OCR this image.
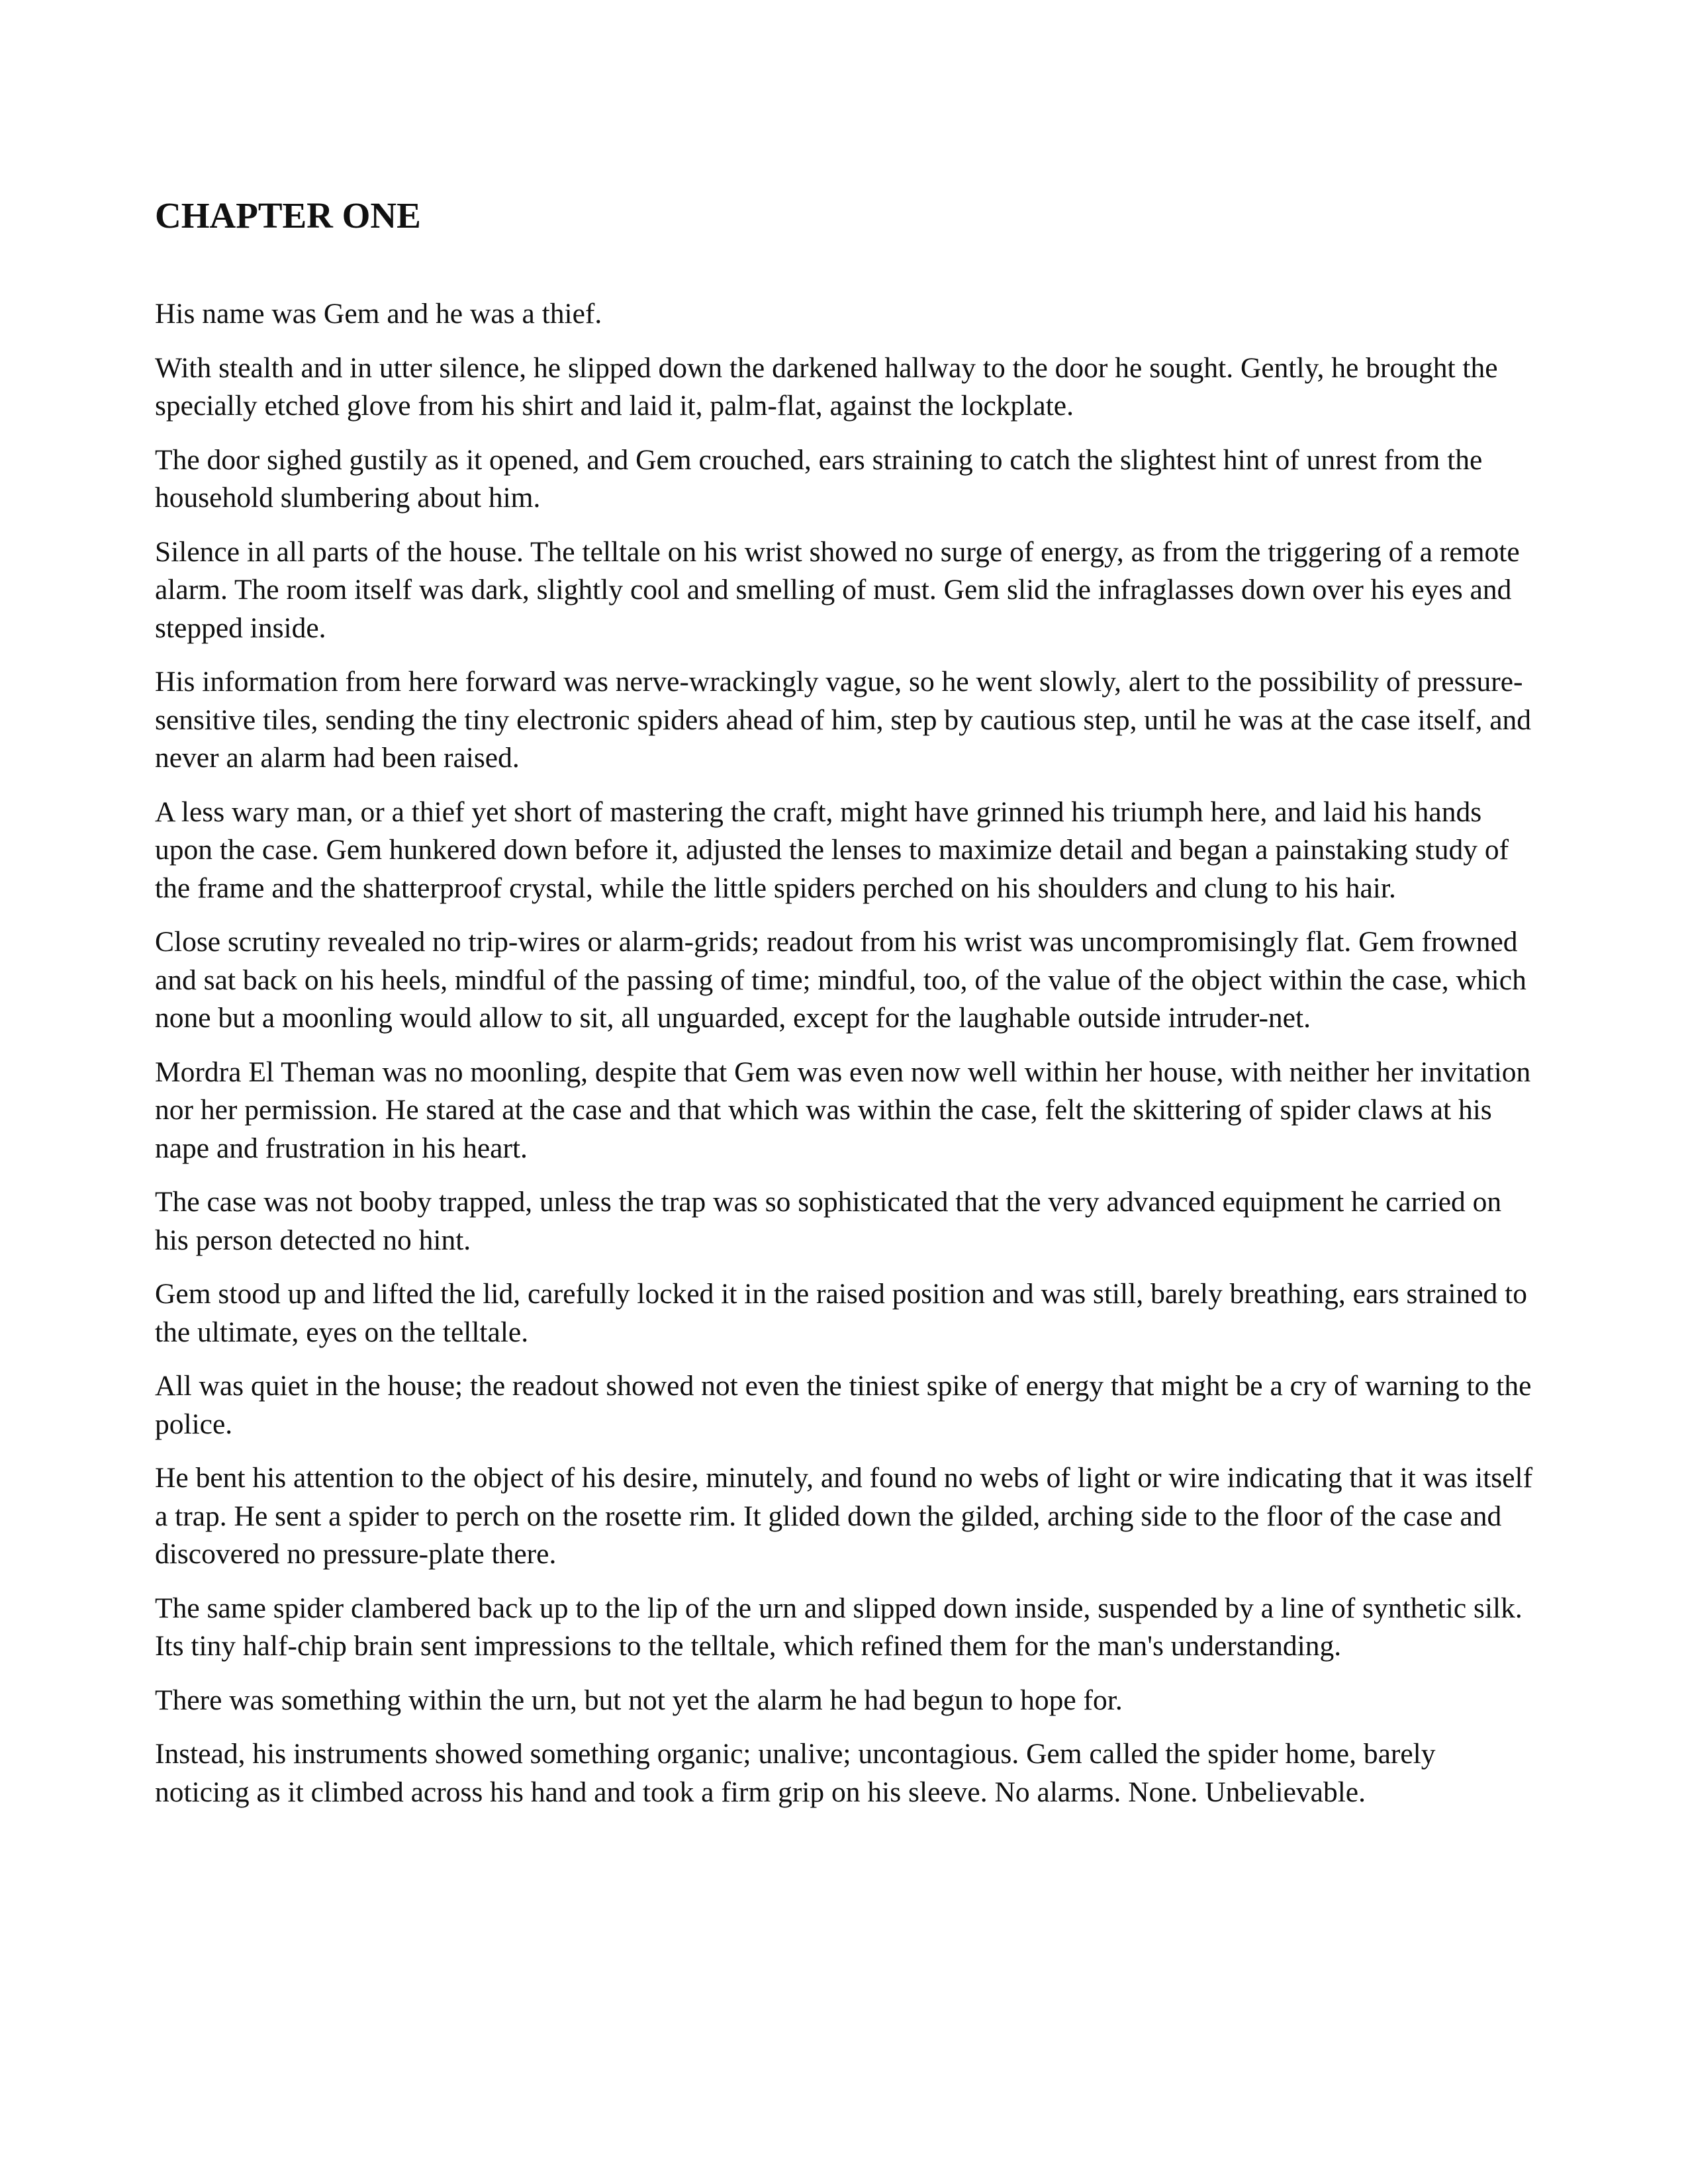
CHAPTER ONE

His name was Gem and he was a thief.

With stealth and in utter silence, he slipped down the darkened hallway to the door he sought. Gently, he brought the specially etched glove from his shirt and laid it, palm-flat, against the lockplate.

The door sighed gustily as it opened, and Gem crouched, ears straining to catch the slightest hint of unrest from the household slumbering about him.

Silence in all parts of the house. The telltale on his wrist showed no surge of energy, as from the triggering of a remote alarm. The room itself was dark, slightly cool and smelling of must. Gem slid the infraglasses down over his eyes and stepped inside.

His information from here forward was nerve-wrackingly vague, so he went slowly, alert to the possibility of pressure-sensitive tiles, sending the tiny electronic spiders ahead of him, step by cautious step, until he was at the case itself, and never an alarm had been raised.

A less wary man, or a thief yet short of mastering the craft, might have grinned his triumph here, and laid his hands upon the case. Gem hunkered down before it, adjusted the lenses to maximize detail and began a painstaking study of the frame and the shatterproof crystal, while the little spiders perched on his shoulders and clung to his hair.

Close scrutiny revealed no trip-wires or alarm-grids; readout from his wrist was uncompromisingly flat. Gem frowned and sat back on his heels, mindful of the passing of time; mindful, too, of the value of the object within the case, which none but a moonling would allow to sit, all unguarded, except for the laughable outside intruder-net.

Mordra El Theman was no moonling, despite that Gem was even now well within her house, with neither her invitation nor her permission. He stared at the case and that which was within the case, felt the skittering of spider claws at his nape and frustration in his heart.

The case was not booby trapped, unless the trap was so sophisticated that the very advanced equipment he carried on his person detected no hint.

Gem stood up and lifted the lid, carefully locked it in the raised position and was still, barely breathing, ears strained to the ultimate, eyes on the telltale.

All was quiet in the house; the readout showed not even the tiniest spike of energy that might be a cry of warning to the police.

He bent his attention to the object of his desire, minutely, and found no webs of light or wire indicating that it was itself a trap. He sent a spider to perch on the rosette rim. It glided down the gilded, arching side to the floor of the case and discovered no pressure-plate there.

The same spider clambered back up to the lip of the urn and slipped down inside, suspended by a line of synthetic silk. Its tiny half-chip brain sent impressions to the telltale, which refined them for the man's understanding.

There was something within the urn, but not yet the alarm he had begun to hope for.

Instead, his instruments showed something organic; unalive; uncontagious. Gem called the spider home, barely noticing as it climbed across his hand and took a firm grip on his sleeve. No alarms. None. Unbelievable.
